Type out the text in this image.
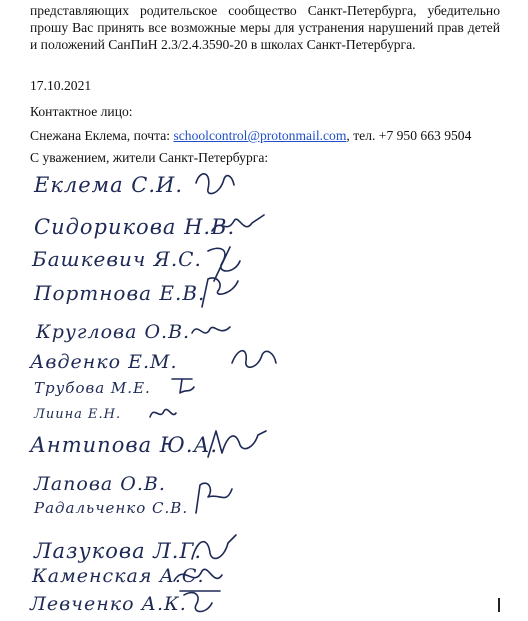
представляющих родительское сообщество Санкт-Петербурга, убедительно прошу Вас принять все возможные меры для устранения нарушений прав детей и положений СанПиН 2.3/2.4.3590-20 в школах Санкт-Петербурга.
17.10.2021
Контактное лицо:
Снежана Еклема, почта: schoolcontrol@protonmail.com, тел. +7 950 663 9504
С уважением, жители Санкт-Петербурга:
Еклема С.И.
Сидорикова Н.В.
Башкевич Я.С.
Портнова Е.В.
Круглова О.В.
Авденко Е.М.
Трубова М.Е.
Лиина Е.Н.
Антипова Ю.А.
Лапова О.В.
Радальченко С.В.
Лазукова Л.Г.
Каменская А.С.
Левченко А.К.
